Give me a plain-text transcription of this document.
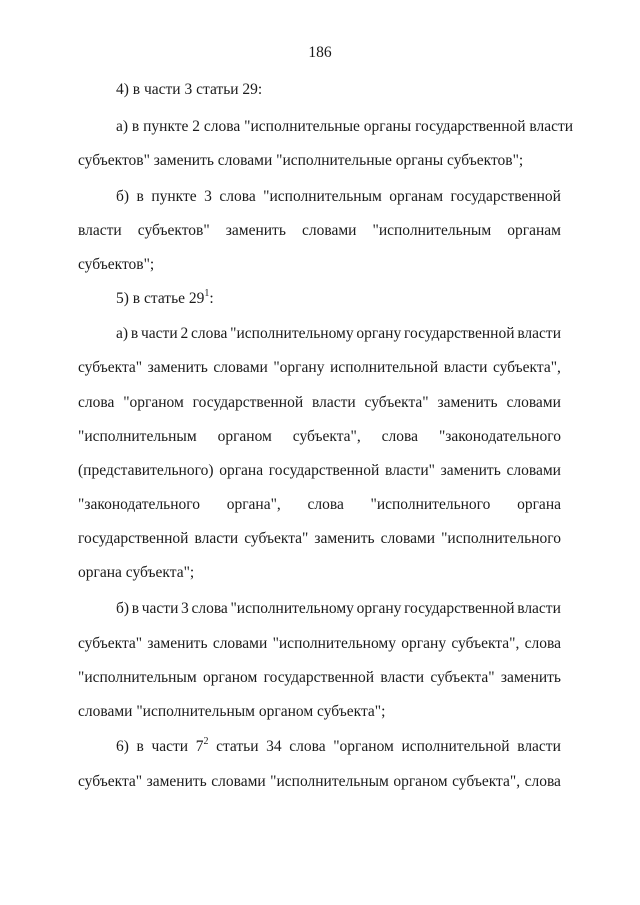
186
4) в части 3 статьи 29:
а) в пункте 2 слова "исполнительные органы государственной власти
субъектов" заменить словами "исполнительные органы субъектов";
б) в пункте 3 слова "исполнительным органам государственной
власти субъектов" заменить словами "исполнительным органам
субъектов";
5) в статье $29^1$:
а) в части 2 слова "исполнительному органу государственной власти
субъекта" заменить словами "органу исполнительной власти субъекта",
слова "органом государственной власти субъекта" заменить словами
"исполнительным органом субъекта", слова "законодательного
(представительного) органа государственной власти" заменить словами
"законодательного органа", слова "исполнительного органа
государственной власти субъекта" заменить словами "исполнительного
органа субъекта";
б) в части 3 слова "исполнительному органу государственной власти
субъекта" заменить словами "исполнительному органу субъекта", слова
"исполнительным органом государственной власти субъекта" заменить
словами "исполнительным органом субъекта";
6) в части $7^2$ статьи 34 слова "органом исполнительной власти
субъекта" заменить словами "исполнительным органом субъекта", слова
